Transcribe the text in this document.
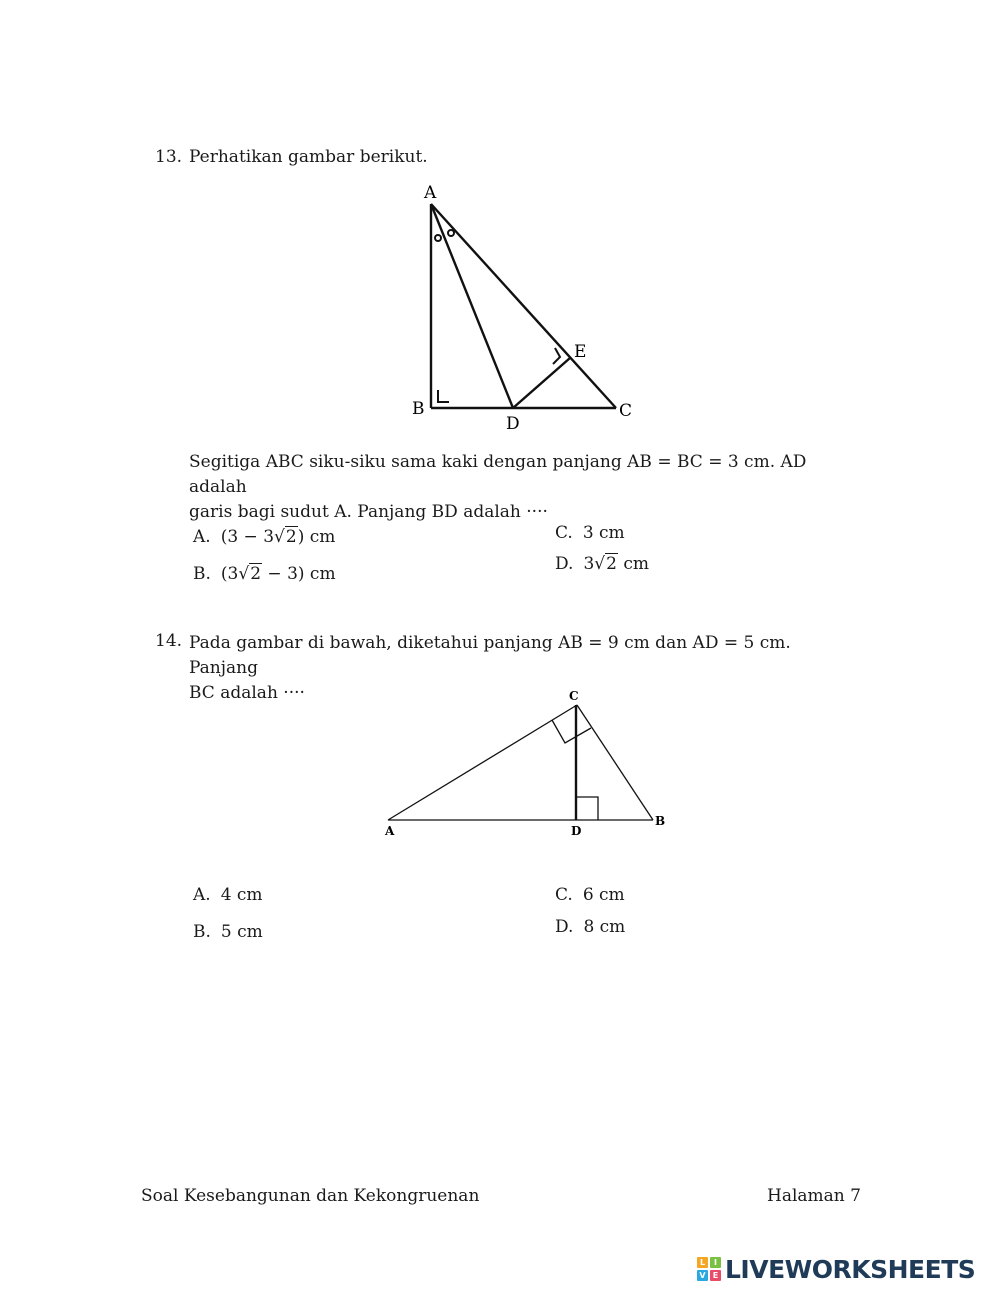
13. Perhatikan gambar berikut.
A
B	C
D
E
Segitiga ABC siku-siku sama kaki dengan panjang AB = BC = 3 cm. AD adalah
garis bagi sudut A. Panjang BD adalah ····
A. (3 − 3√2) cm
B. (3√2 − 3) cm
C. 3 cm
D. 3√2 cm
14. Pada gambar di bawah, diketahui panjang AB = 9 cm dan AD = 5 cm. Panjang
BC adalah ····	C
A	D
B
A. 4 cm
B. 5 cm
C. 6 cm
D. 8 cm
Soal Kesebangunan dan Kekongruenan	Halaman 7
L	I
V E LIVEWORKSHEETS
